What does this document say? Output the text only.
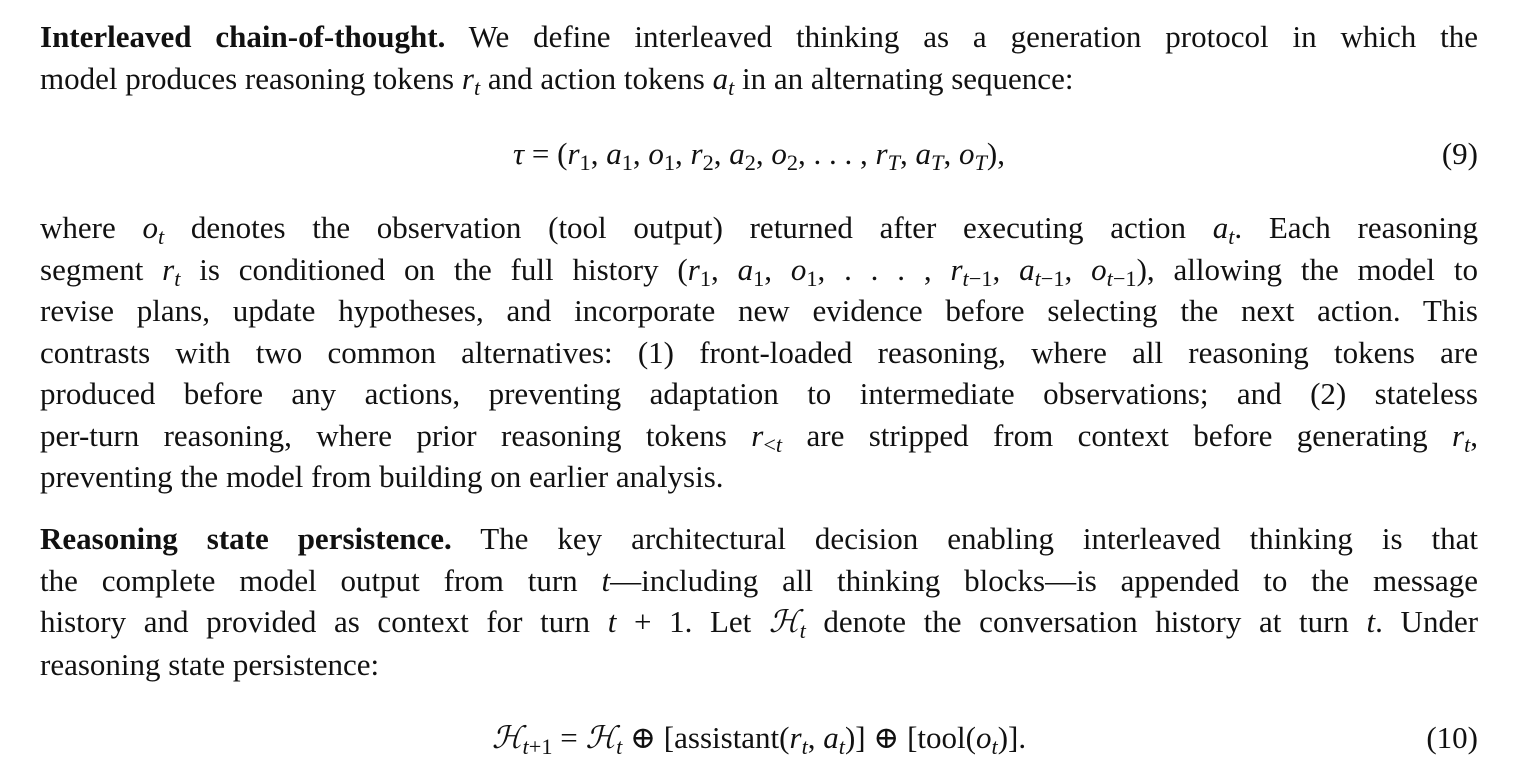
Interleaved chain-of-thought. We define interleaved thinking as a generation protocol in which the
model produces reasoning tokens $r_t$ and action tokens $a_t$ in an alternating sequence:
$\tau = (r_1$, $a_1$, $o_1$, $r_2$, $a_2$, $o_2$, . . . , $r_T$, $a_T$, $o_T$),	(9)
where $o_t$ denotes the observation (tool output) returned after executing action $a_t$. Each reasoning
segment $r_t$ is conditioned on the full history ($r_1$, $a_1$, $o_1$, . . . , $r_{t-1}$, $a_{t-1}$, $o_{t-1}$), allowing the model to
revise plans, update hypotheses, and incorporate new evidence before selecting the next action. This
contrasts with two common alternatives: (1) front-loaded reasoning, where all reasoning tokens are
produced before any actions, preventing adaptation to intermediate observations; and (2) stateless
per-turn reasoning, where prior reasoning tokens $r_{<t}$ are stripped from context before generating $r_t$,
preventing the model from building on earlier analysis.
Reasoning state persistence. The key architectural decision enabling interleaved thinking is that
the complete model output from turn t—including all thinking blocks—is appended to the message
history and provided as context for turn t + 1. Let ℋ$_t$ denote the conversation history at turn t. Under
reasoning state persistence:
ℋ$_{t+1}$ = ℋ$_t$ ⊕ [$assistant(r_t$, $a_t$)] ⊕ $[tool(o_t)]$.	(10)
